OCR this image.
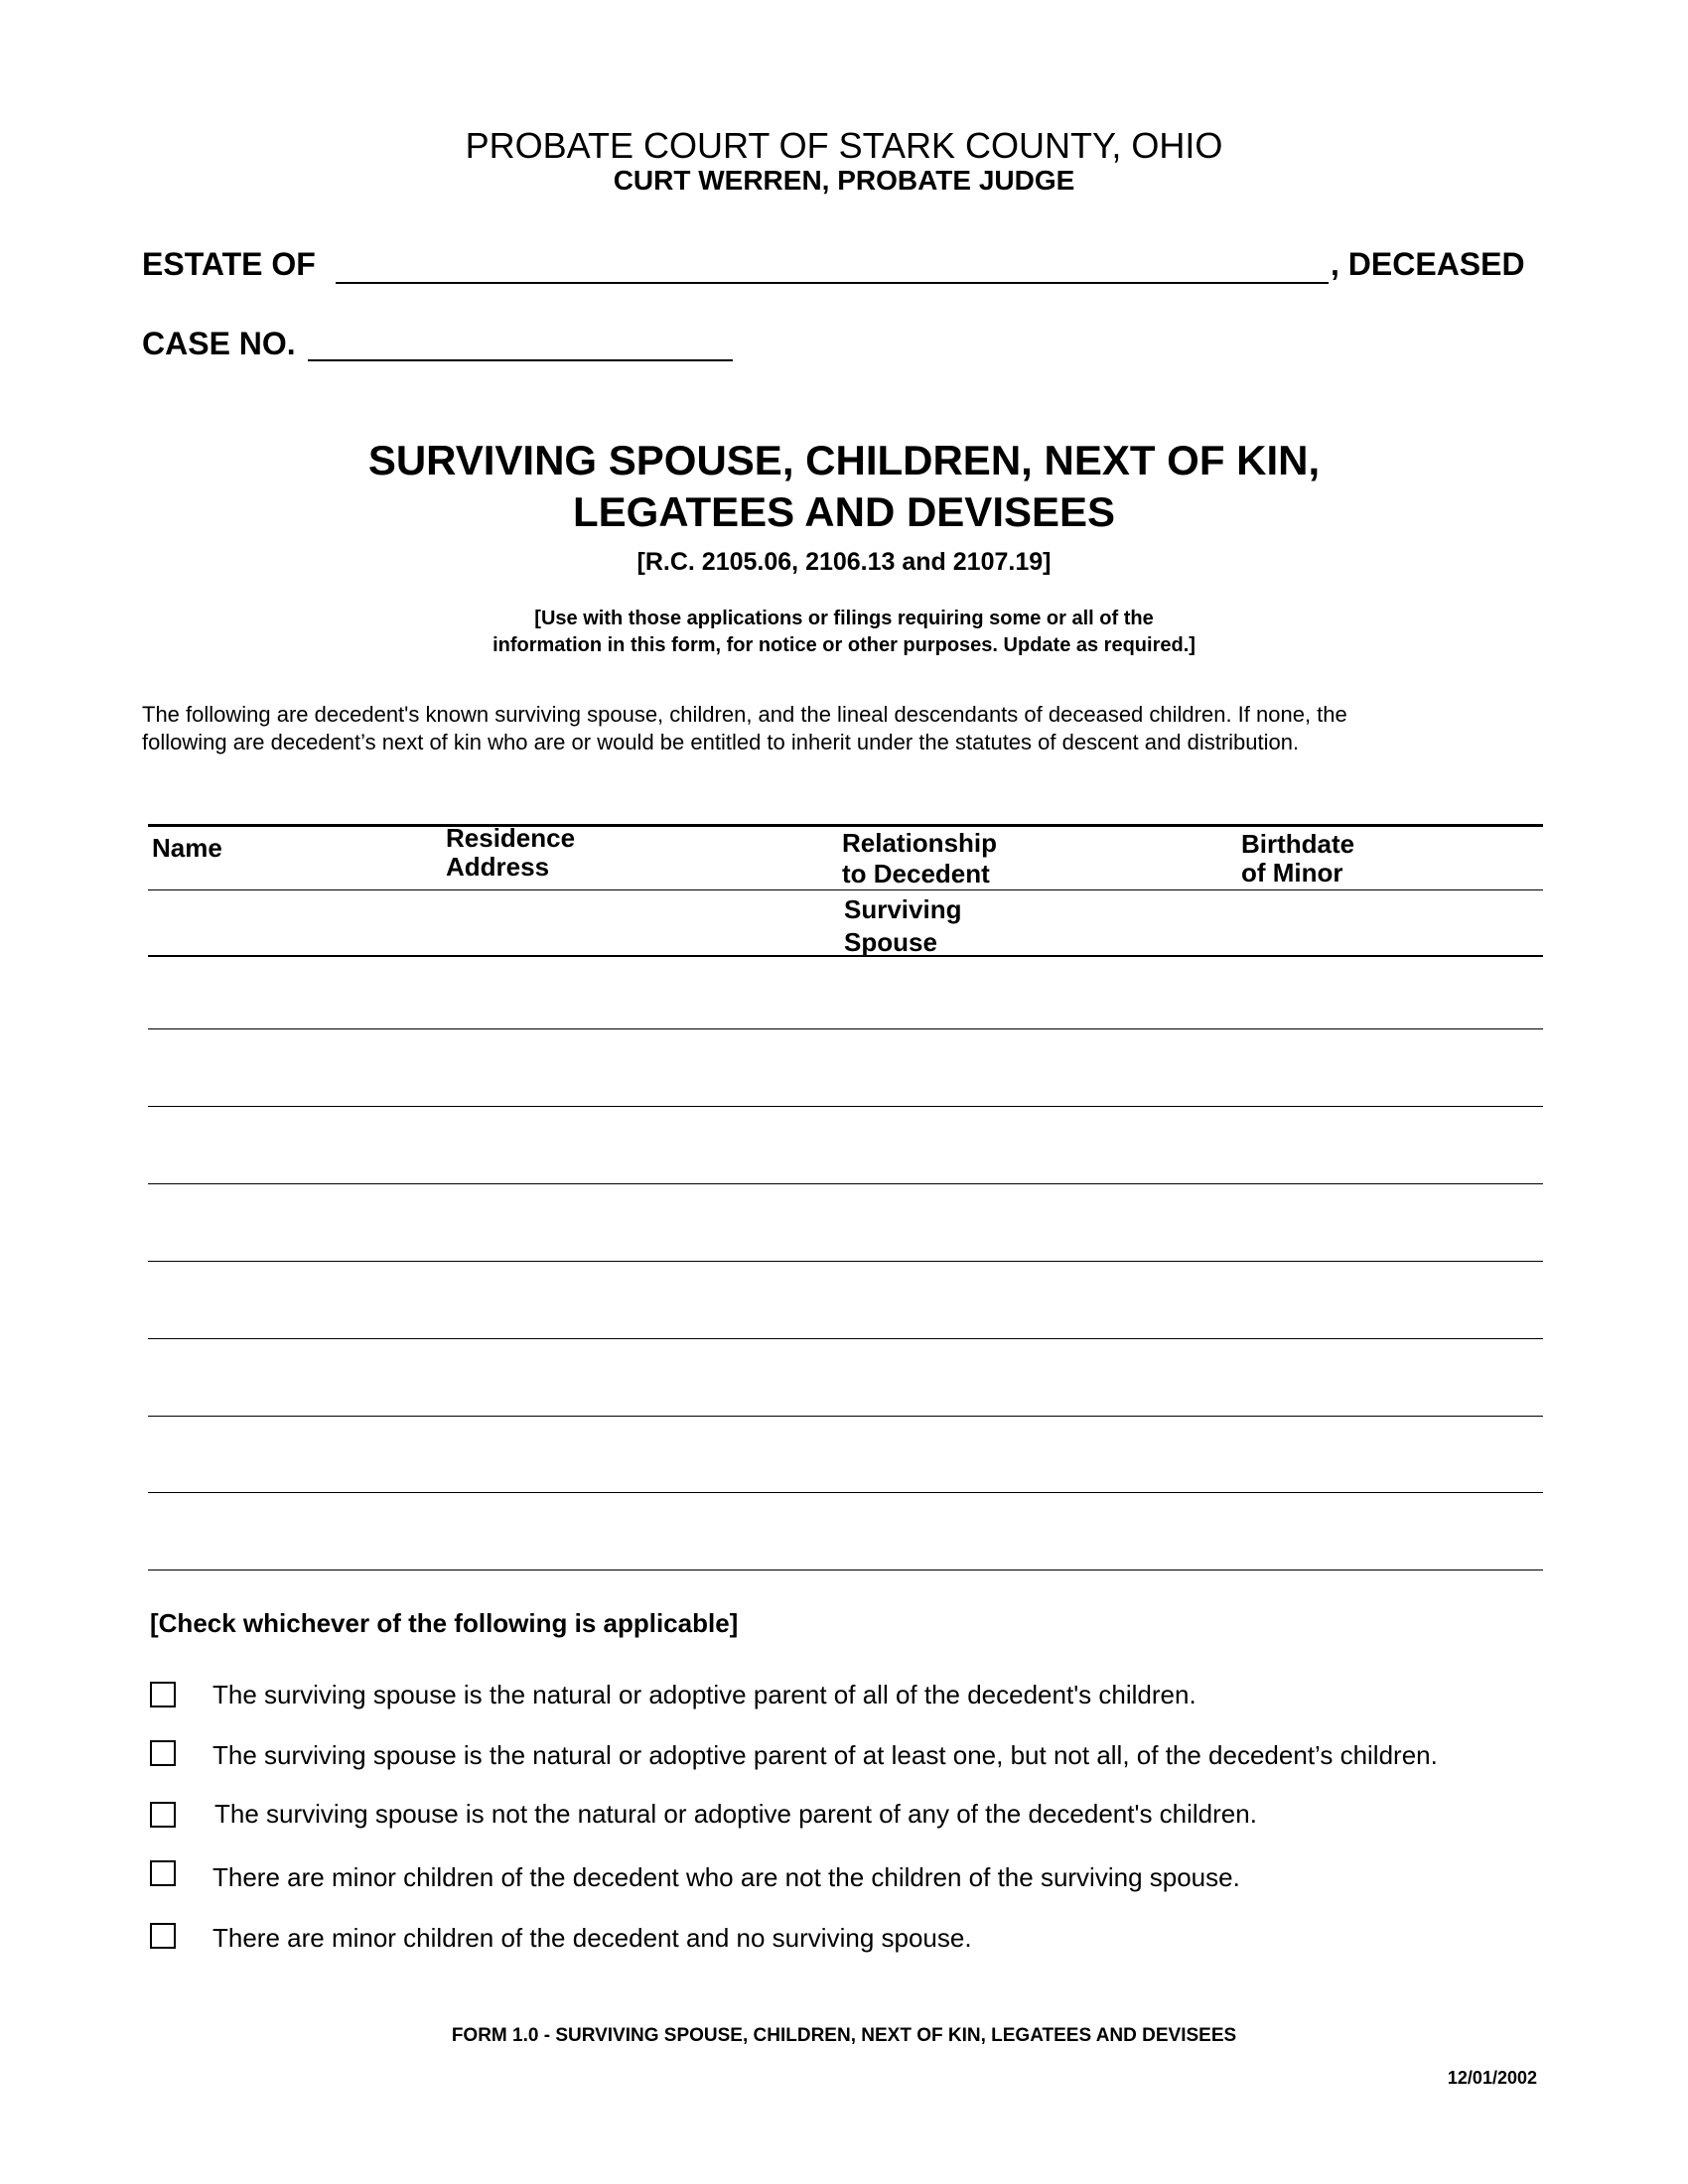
PROBATE COURT OF STARK COUNTY, OHIO
CURT WERREN, PROBATE JUDGE
ESTATE OF	, DECEASED
CASE NO.
SURVIVING SPOUSE, CHILDREN, NEXT OF KIN,
LEGATEES AND DEVISEES
[R.C. 2105.06, 2106.13 and 2107.19]
[Use with those applications or filings requiring some or all of the
information in this form, for notice or other purposes. Update as required.]
The following are decedent's known surviving spouse, children, and the lineal descendants of deceased children. If none, the
following are decedent’s next of kin who are or would be entitled to inherit under the statutes of descent and distribution.
Name	Residence
Address
Relationship
to Decedent
Birthdate
of Minor
Surviving
Spouse
[Check whichever of the following is applicable]
The surviving spouse is the natural or adoptive parent of all of the decedent's children.
The surviving spouse is the natural or adoptive parent of at least one, but not all, of the decedent’s children.
The surviving spouse is not the natural or adoptive parent of any of the decedent's children.
There are minor children of the decedent who are not the children of the surviving spouse.
There are minor children of the decedent and no surviving spouse.
FORM 1.0 - SURVIVING SPOUSE, CHILDREN, NEXT OF KIN, LEGATEES AND DEVISEES
12/01/2002
